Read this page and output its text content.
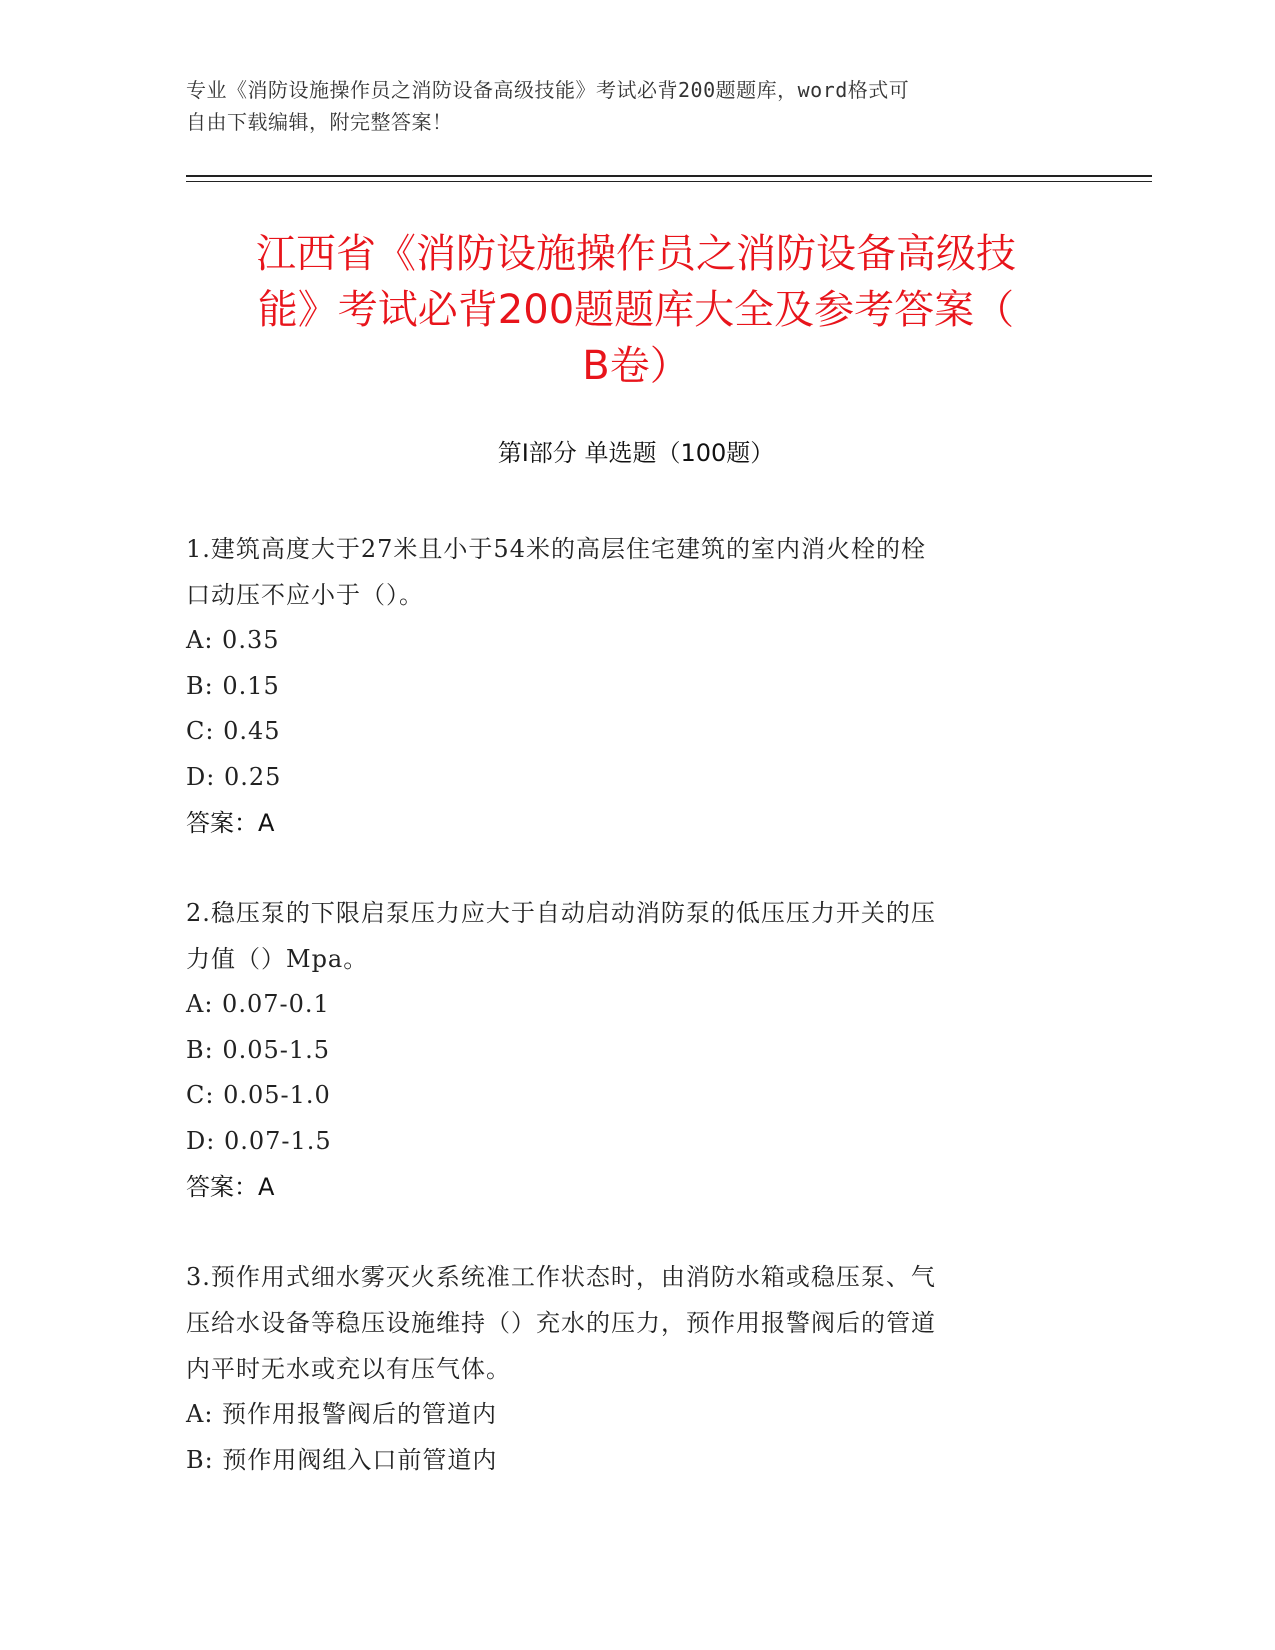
专业《消防设施操作员之消防设备高级技能》考试必背200题题库，word格式可
自由下载编辑，附完整答案！
江西省《消防设施操作员之消防设备高级技
能》考试必背200题题库大全及参考答案（
B卷）
第Ⅰ部分 单选题（100题）
1.建筑高度大于27米且小于54米的高层住宅建筑的室内消火栓的栓
口动压不应小于（）。
A: 0.35
B: 0.15
C: 0.45
D: 0.25
答案：A
2.稳压泵的下限启泵压力应大于自动启动消防泵的低压压力开关的压
力值（）Mpa。
A: 0.07-0.1
B: 0.05-1.5
C: 0.05-1.0
D: 0.07-1.5
答案：A
3.预作用式细水雾灭火系统准工作状态时，由消防水箱或稳压泵、气
压给水设备等稳压设施维持（）充水的压力，预作用报警阀后的管道
内平时无水或充以有压气体。
A: 预作用报警阀后的管道内
B: 预作用阀组入口前管道内
